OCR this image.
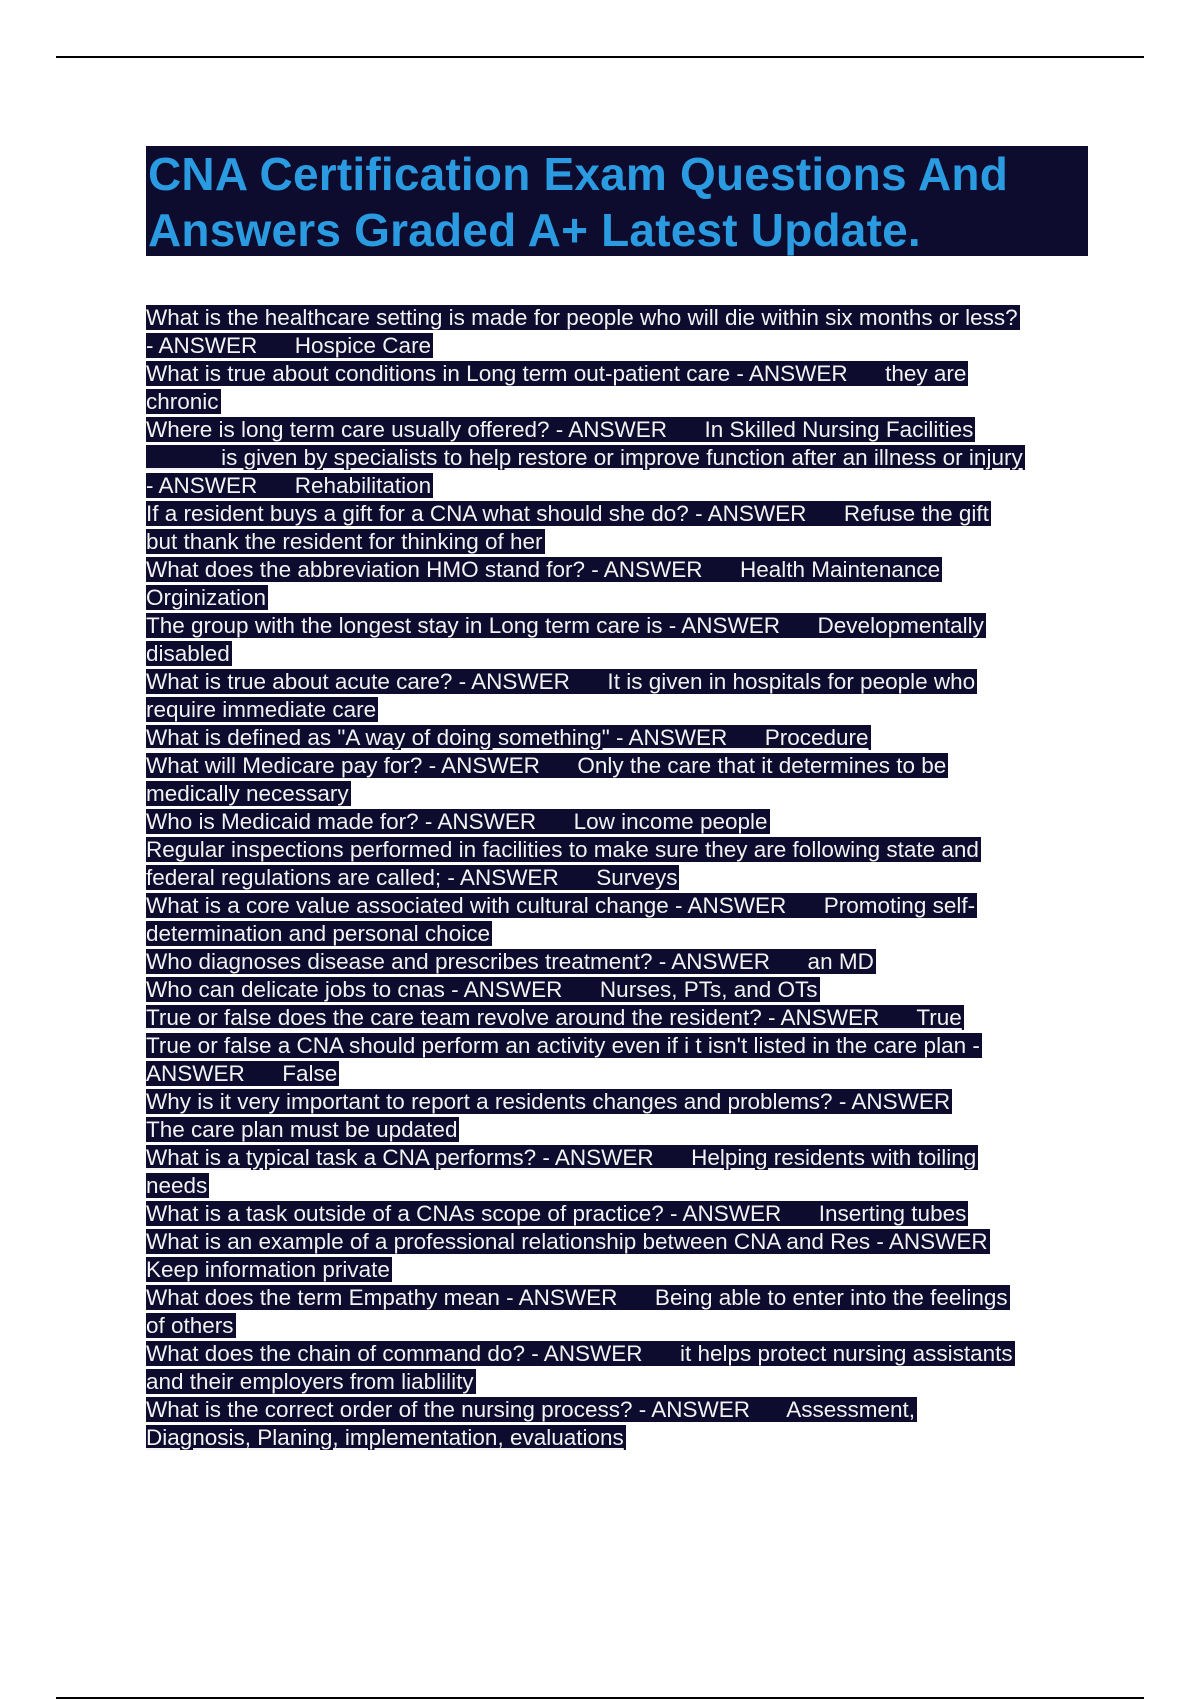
CNA Certification Exam Questions And
Answers Graded A+ Latest Update.
What is the healthcare setting is made for people who will die within six months or less?
- ANSWER      Hospice Care
What is true about conditions in Long term out-patient care - ANSWER      they are
chronic
Where is long term care usually offered? - ANSWER      In Skilled Nursing Facilities
______is given by specialists to help restore or improve function after an illness or injury
- ANSWER      Rehabilitation
If a resident buys a gift for a CNA what should she do? - ANSWER      Refuse the gift
but thank the resident for thinking of her
What does the abbreviation HMO stand for? - ANSWER      Health Maintenance
Orginization
The group with the longest stay in Long term care is - ANSWER      Developmentally
disabled
What is true about acute care? - ANSWER      It is given in hospitals for people who
require immediate care
What is defined as "A way of doing something" - ANSWER      Procedure
What will Medicare pay for? - ANSWER      Only the care that it determines to be
medically necessary
Who is Medicaid made for? - ANSWER      Low income people
Regular inspections performed in facilities to make sure they are following state and
federal regulations are called; - ANSWER      Surveys
What is a core value associated with cultural change - ANSWER      Promoting self-
determination and personal choice
Who diagnoses disease and prescribes treatment? - ANSWER      an MD
Who can delicate jobs to cnas - ANSWER      Nurses, PTs, and OTs
True or false does the care team revolve around the resident? - ANSWER      True
True or false a CNA should perform an activity even if i t isn't listed in the care plan -
ANSWER      False
Why is it very important to report a residents changes and problems? - ANSWER
The care plan must be updated
What is a typical task a CNA performs? - ANSWER      Helping residents with toiling
needs
What is a task outside of a CNAs scope of practice? - ANSWER      Inserting tubes
What is an example of a professional relationship between CNA and Res - ANSWER
Keep information private
What does the term Empathy mean - ANSWER      Being able to enter into the feelings
of others
What does the chain of command do? - ANSWER      it helps protect nursing assistants
and their employers from liablility
What is the correct order of the nursing process? - ANSWER      Assessment,
Diagnosis, Planing, implementation, evaluations
